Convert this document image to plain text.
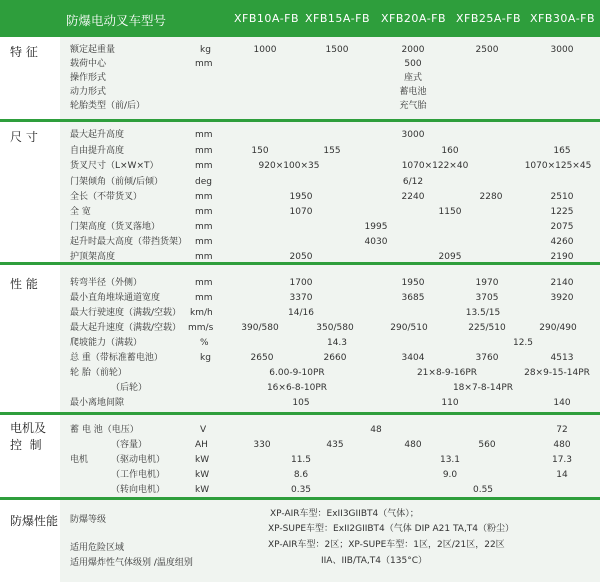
防爆电动叉车型号	XFB10A-FB XFB15A-FB XFB20A-FB XFB25A-FB XFB30A-FB
特 征
尺 寸
性 能
电机及
控  制
防爆性能
额定起重量	kg	1000	1500	2000	2500	3000
载荷中心	mm	500
操作形式	座式
动力形式	蓄电池
轮胎类型（前/后）	充气胎
最大起升高度	mm	3000
自由提升高度	mm	150	155	160	165
货叉尺寸（L×W×T）	mm	920×100×35	1070×122×40	1070×125×45
门架倾角（前倾/后倾）	deg	6/12
全长（不带货叉）	mm	1950	2240	2280	2510
全 宽	mm	1070	1150	1225
门架高度（货叉落地）	mm	1995	2075
起升时最大高度（带挡货架） mm	4030	4260
护顶架高度	mm	2050	2095	2190
转弯半径（外侧）	mm	1700	1950	1970	2140
最小直角堆垛通道宽度	mm	3370	3685	3705	3920
最大行驶速度（满载/空载） km/h	14/16	13.5/15
最大起升速度（满载/空载） mm/s	390/580	350/580	290/510	225/510	290/490
爬坡能力（满载）	%	14.3	12.5
总 重（带标准蓄电池）	kg	2650	2660	3404	3760	4513
轮 胎（前轮）	6.00-9-10PR	21×8-9-16PR	28×9-15-14PR
（后轮）	16×6-8-10PR	18×7-8-14PR
最小离地间隙	105	110	140
蓄 电 池（电压）	V	48	72
（容量）	AH	330	435	480	560	480
电机	（驱动电机）	kW	11.5	13.1	17.3
（工作电机）	kW	8.6	9.0	14
（转向电机）	kW	0.35	0.55
防爆等级
XP-AIR车型：ExII3GIIBT4（气体）；
XP-SUPE车型：ExII2GIIBT4（气体 DIP A21 TA,T4（粉尘）
适用危险区域	XP-AIR车型：2区；XP-SUPE车型：1区，2区/21区，22区
适用爆炸性气体级别 /温度组别	IIA、IIB/TA,T4（135°C）
